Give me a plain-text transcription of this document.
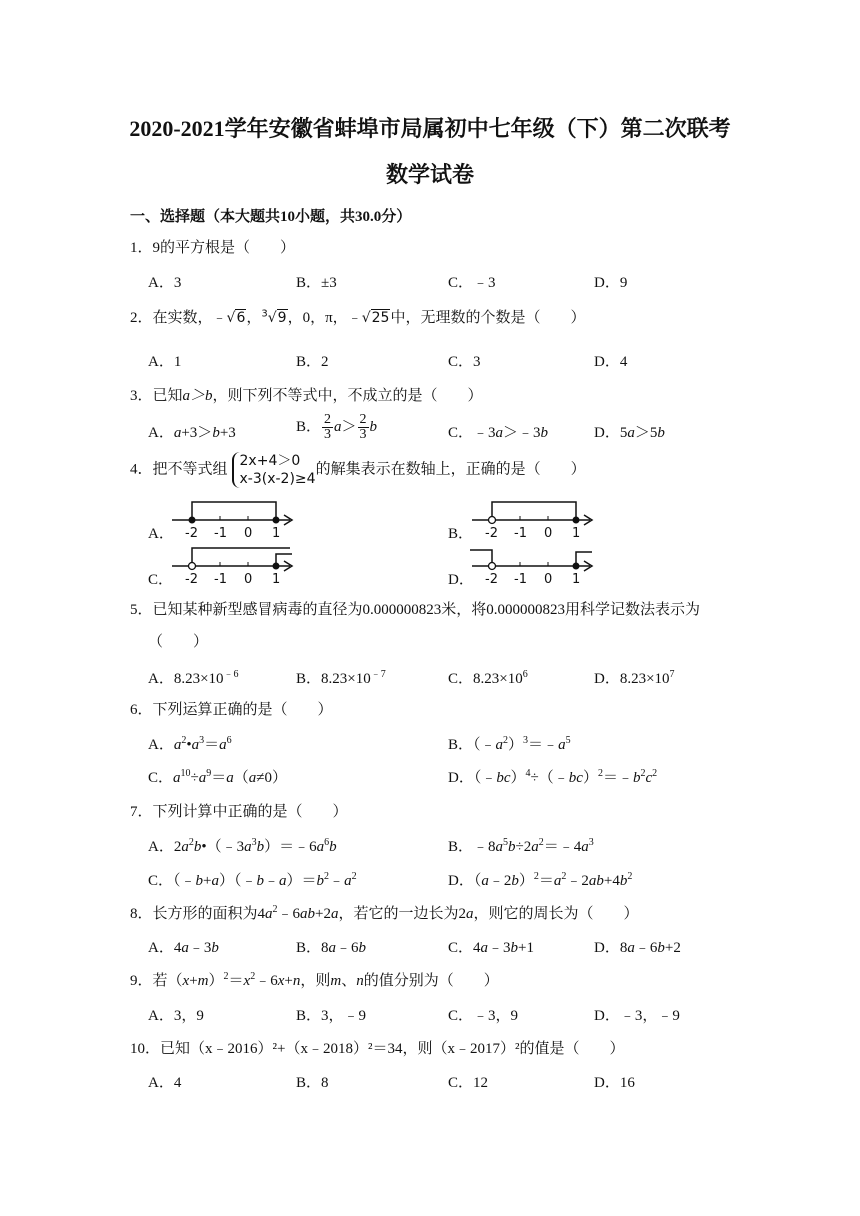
2020-2021学年安徽省蚌埠市局属初中七年级（下）第二次联考
数学试卷
一、选择题（本大题共10小题，共30.0分）
1．9的平方根是（　　）
A．3	B．±3	C．﹣3	D．9
2．在实数，﹣√6，$^3$√9，0，π，﹣√25中，无理数的个数是（　　）
A．1	B．2	C．3	D．4
3．已知a＞b，则下列不等式中，不成立的是（　　）
A．a+3＞b+3	B． $\frac{2}{3} a> \frac{2}{3}$ b	C．﹣3a＞﹣3b	D．5a＞5b
4．把不等式组
2x+4＞0
x-3(x-2)≥4
的解集表示在数轴上，正确的是（　　）
A． -2 -1 0 1	B． -2 -1 0 1
C． -2 -1 0 1	D． -2 -1 0 1
5．已知某种新型感冒病毒的直径为0.000000823米，将0.000000823用科学记数法表示为
（　　）
A．$8.23\times 10^{﹣6}$	B．$8.23\times 10^{﹣7}$	C．$8.23\times 10^6$	D．$8.23\times 10^7$
6．下列运算正确的是（　　）
A．$a^2•a^3=a^6$	B．$(﹣a^2)^3=﹣a^5$
C．$a^{10}\div a^9=a(a\ne 0)$	D．$(﹣bc)^4\div(﹣bc)^2=﹣b^2c^2$
7．下列计算中正确的是（　　）
A．$2a^2b•(﹣3a^3b)=﹣6a^6b$	B．$﹣8a^5b\div 2a^2=﹣4a^3$
C．$(﹣b+a)(﹣b﹣a)=b^2﹣a^2$	D．$(a﹣2b)^2=a^2﹣2ab+4b^2$
8．长方形的面积为$4a^2﹣6ab+2a$，若它的一边长为2a，则它的周长为（　　）
A．4a﹣3b	B．8a﹣6b	C．4a﹣3b+1	D．8a﹣6b+2
9．若$(x+m)^2=x^2﹣6x+n$，则m、n的值分别为（　　）
A．3，9	B．3，﹣9	C．﹣3，9	D．﹣3，﹣9
10．已知（x﹣2016）²+（x﹣2018）²＝34，则（x﹣2017）²的值是（　　）
A．4	B．8	C．12	D．16
